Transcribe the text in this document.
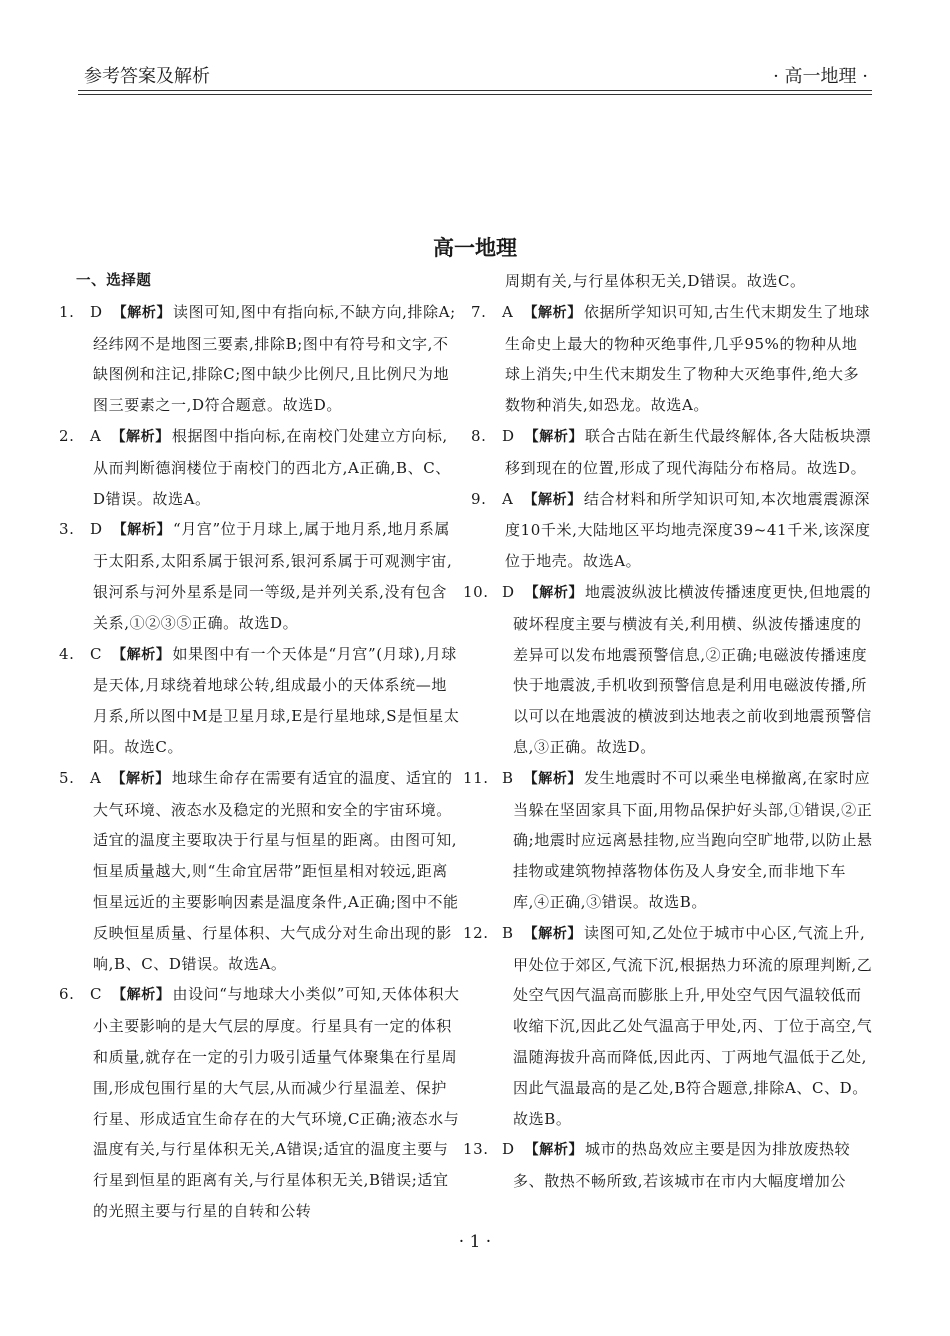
参考答案及解析	· 高一地理 ·
高一地理
一、选择题
1. D 【解析】 读图可知,图中有指向标,不缺方向,排除A;经纬网不是地图三要素,排除B;图中有符号和文字,不缺图例和注记,排除C;图中缺少比例尺,且比例尺为地图三要素之一,D符合题意。故选D。
2. A 【解析】 根据图中指向标,在南校门处建立方向标,从而判断德润楼位于南校门的西北方,A正确,B、C、D错误。故选A。
3. D 【解析】 “月宫”位于月球上,属于地月系,地月系属于太阳系,太阳系属于银河系,银河系属于可观测宇宙,银河系与河外星系是同一等级,是并列关系,没有包含关系,①②③⑤正确。故选D。
4. C 【解析】 如果图中有一个天体是“月宫”(月球),月球是天体,月球绕着地球公转,组成最小的天体系统—地月系,所以图中M是卫星月球,E是行星地球,S是恒星太阳。故选C。
5. A 【解析】 地球生命存在需要有适宜的温度、适宜的大气环境、液态水及稳定的光照和安全的宇宙环境。适宜的温度主要取决于行星与恒星的距离。由图可知,恒星质量越大,则“生命宜居带”距恒星相对较远,距离恒星远近的主要影响因素是温度条件,A正确;图中不能反映恒星质量、行星体积、大气成分对生命出现的影响,B、C、D错误。故选A。
6. C 【解析】 由设问“与地球大小类似”可知,天体体积大小主要影响的是大气层的厚度。行星具有一定的体积和质量,就存在一定的引力吸引适量气体聚集在行星周围,形成包围行星的大气层,从而减少行星温差、保护行星、形成适宜生命存在的大气环境,C正确;液态水与温度有关,与行星体积无关,A错误;适宜的温度主要与行星到恒星的距离有关,与行星体积无关,B错误;适宜的光照主要与行星的自转和公转
周期有关,与行星体积无关,D错误。故选C。
7. A 【解析】 依据所学知识可知,古生代末期发生了地球生命史上最大的物种灭绝事件,几乎95%的物种从地球上消失;中生代末期发生了物种大灭绝事件,绝大多数物种消失,如恐龙。故选A。
8. D 【解析】 联合古陆在新生代最终解体,各大陆板块漂移到现在的位置,形成了现代海陆分布格局。故选D。
9. A 【解析】 结合材料和所学知识可知,本次地震震源深度10千米,大陆地区平均地壳深度39~41千米,该深度位于地壳。故选A。
10. D 【解析】 地震波纵波比横波传播速度更快,但地震的破坏程度主要与横波有关,利用横、纵波传播速度的差异可以发布地震预警信息,②正确;电磁波传播速度快于地震波,手机收到预警信息是利用电磁波传播,所以可以在地震波的横波到达地表之前收到地震预警信息,③正确。故选D。
11. B 【解析】 发生地震时不可以乘坐电梯撤离,在家时应当躲在坚固家具下面,用物品保护好头部,①错误,②正确;地震时应远离悬挂物,应当跑向空旷地带,以防止悬挂物或建筑物掉落物体伤及人身安全,而非地下车库,④正确,③错误。故选B。
12. B 【解析】 读图可知,乙处位于城市中心区,气流上升,甲处位于郊区,气流下沉,根据热力环流的原理判断,乙处空气因气温高而膨胀上升,甲处空气因气温较低而收缩下沉,因此乙处气温高于甲处,丙、丁位于高空,气温随海拔升高而降低,因此丙、丁两地气温低于乙处,因此气温最高的是乙处,B符合题意,排除A、C、D。故选B。
13. D 【解析】 城市的热岛效应主要是因为排放废热较多、散热不畅所致,若该城市在市内大幅度增加公
· 1 ·
